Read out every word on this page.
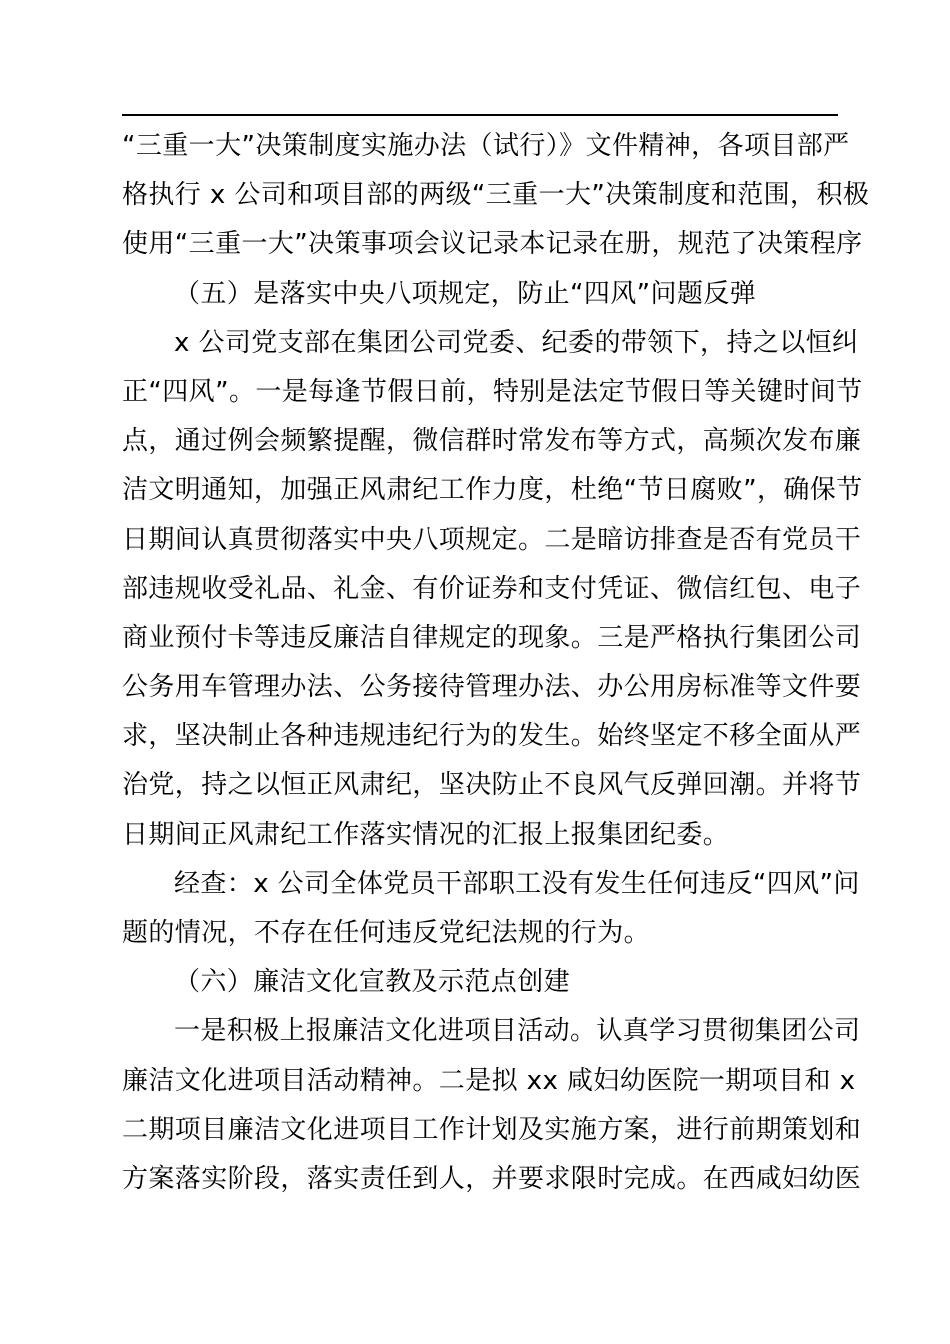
“三重一大”决策制度实施办法（试行）》文件精神，各项目部严
格执行 x 公司和项目部的两级“三重一大”决策制度和范围，积极
使用“三重一大”决策事项会议记录本记录在册，规范了决策程序
（五）是落实中央八项规定，防止“四风”问题反弹
x 公司党支部在集团公司党委、纪委的带领下，持之以恒纠
正“四风”。一是每逢节假日前，特别是法定节假日等关键时间节
点，通过例会频繁提醒，微信群时常发布等方式，高频次发布廉
洁文明通知，加强正风肃纪工作力度，杜绝“节日腐败”，确保节
日期间认真贯彻落实中央八项规定。二是暗访排查是否有党员干
部违规收受礼品、礼金、有价证券和支付凭证、微信红包、电子
商业预付卡等违反廉洁自律规定的现象。三是严格执行集团公司
公务用车管理办法、公务接待管理办法、办公用房标准等文件要
求，坚决制止各种违规违纪行为的发生。始终坚定不移全面从严
治党，持之以恒正风肃纪，坚决防止不良风气反弹回潮。并将节
日期间正风肃纪工作落实情况的汇报上报集团纪委。
经查：x 公司全体党员干部职工没有发生任何违反“四风”问
题的情况，不存在任何违反党纪法规的行为。
（六）廉洁文化宣教及示范点创建
一是积极上报廉洁文化进项目活动。认真学习贯彻集团公司
廉洁文化进项目活动精神。二是拟 xx 咸妇幼医院一期项目和 x
二期项目廉洁文化进项目工作计划及实施方案，进行前期策划和
方案落实阶段，落实责任到人，并要求限时完成。在西咸妇幼医
